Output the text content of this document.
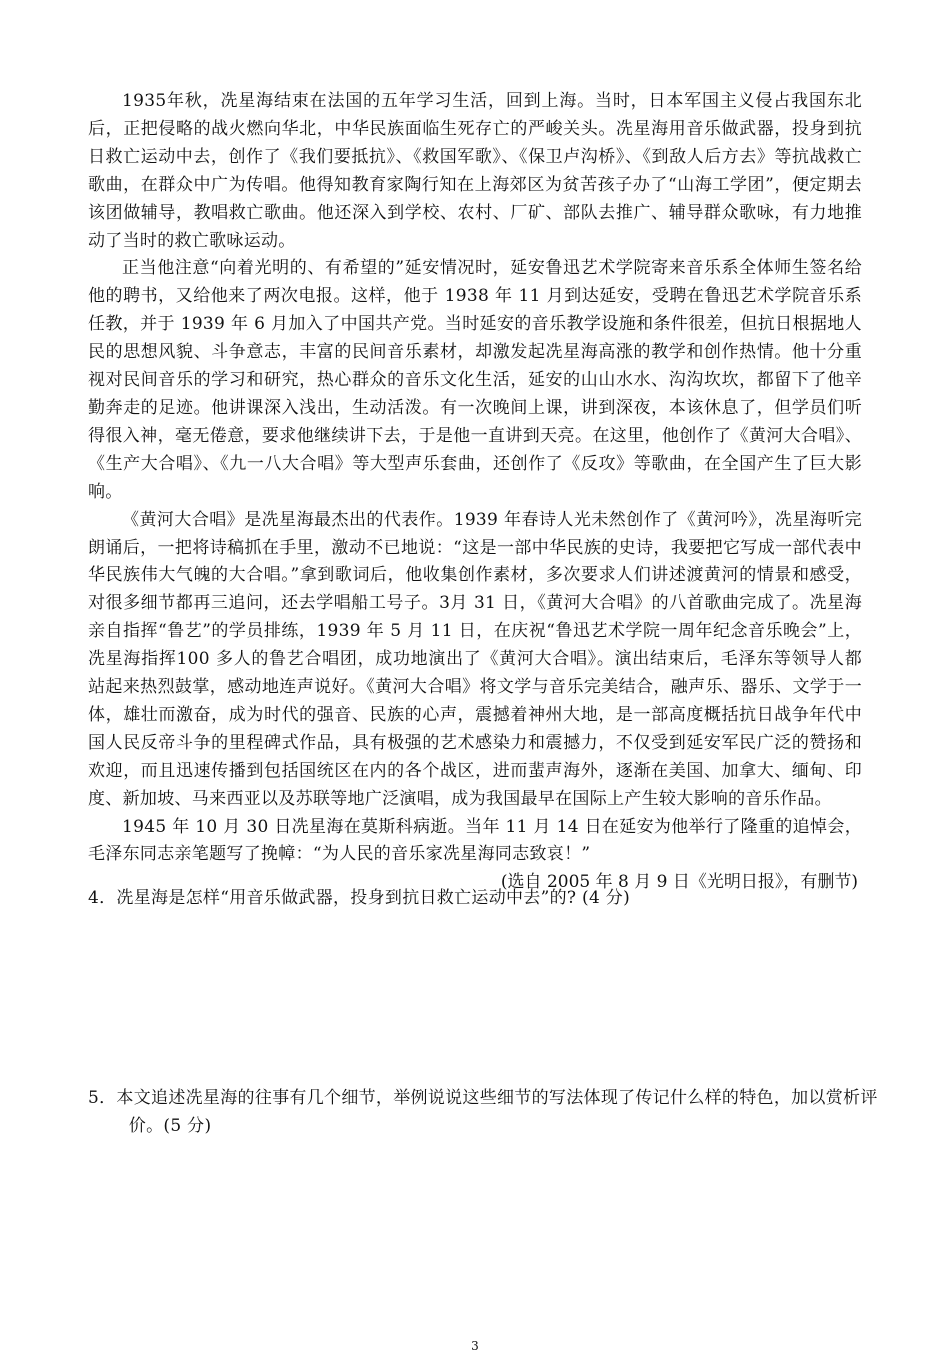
1935年秋，冼星海结束在法国的五年学习生活，回到上海。当时，日本军国主义侵占我国东北后，正把侵略的战火燃向华北，中华民族面临生死存亡的严峻关头。冼星海用音乐做武器，投身到抗日救亡运动中去，创作了《我们要抵抗》、《救国军歌》、《保卫卢沟桥》、《到敌人后方去》等抗战救亡歌曲，在群众中广为传唱。他得知教育家陶行知在上海郊区为贫苦孩子办了“山海工学团”，便定期去该团做辅导，教唱救亡歌曲。他还深入到学校、农村、厂矿、部队去推广、辅导群众歌咏，有力地推动了当时的救亡歌咏运动。

正当他注意“向着光明的、有希望的”延安情况时，延安鲁迅艺术学院寄来音乐系全体师生签名给他的聘书，又给他来了两次电报。这样，他于 1938 年 11 月到达延安，受聘在鲁迅艺术学院音乐系任教，并于 1939 年 6 月加入了中国共产党。当时延安的音乐教学设施和条件很差，但抗日根据地人民的思想风貌、斗争意志，丰富的民间音乐素材，却激发起冼星海高涨的教学和创作热情。他十分重视对民间音乐的学习和研究，热心群众的音乐文化生活，延安的山山水水、沟沟坎坎，都留下了他辛勤奔走的足迹。他讲课深入浅出，生动活泼。有一次晚间上课，讲到深夜，本该休息了，但学员们听得很入神，毫无倦意，要求他继续讲下去，于是他一直讲到天亮。在这里，他创作了《黄河大合唱》、《生产大合唱》、《九一八大合唱》等大型声乐套曲，还创作了《反攻》等歌曲，在全国产生了巨大影响。

《黄河大合唱》是冼星海最杰出的代表作。1939 年春诗人光未然创作了《黄河吟》，冼星海听完朗诵后，一把将诗稿抓在手里，激动不已地说：“这是一部中华民族的史诗，我要把它写成一部代表中华民族伟大气魄的大合唱。”拿到歌词后，他收集创作素材，多次要求人们讲述渡黄河的情景和感受，对很多细节都再三追问，还去学唱船工号子。3月 31 日，《黄河大合唱》的八首歌曲完成了。冼星海亲自指挥“鲁艺”的学员排练，1939 年 5 月 11 日，在庆祝“鲁迅艺术学院一周年纪念音乐晚会”上，冼星海指挥100 多人的鲁艺合唱团，成功地演出了《黄河大合唱》。演出结束后，毛泽东等领导人都站起来热烈鼓掌，感动地连声说好。《黄河大合唱》将文学与音乐完美结合，融声乐、器乐、文学于一体，雄壮而激奋，成为时代的强音、民族的心声，震撼着神州大地，是一部高度概括抗日战争年代中国人民反帝斗争的里程碑式作品，具有极强的艺术感染力和震撼力，不仅受到延安军民广泛的赞扬和欢迎，而且迅速传播到包括国统区在内的各个战区，进而蜚声海外，逐渐在美国、加拿大、缅甸、印度、新加坡、马来西亚以及苏联等地广泛演唱，成为我国最早在国际上产生较大影响的音乐作品。

1945 年 10 月 30 日冼星海在莫斯科病逝。当年 11 月 14 日在延安为他举行了隆重的追悼会，毛泽东同志亲笔题写了挽幛：“为人民的音乐家冼星海同志致哀！”

(选自 2005 年 8 月 9 日《光明日报》，有删节)

4．冼星海是怎样“用音乐做武器，投身到抗日救亡运动中去”的? (4 分)
5．本文追述冼星海的往事有几个细节，举例说说这些细节的写法体现了传记什么样的特色，加以赏析评价。(5 分)
3
